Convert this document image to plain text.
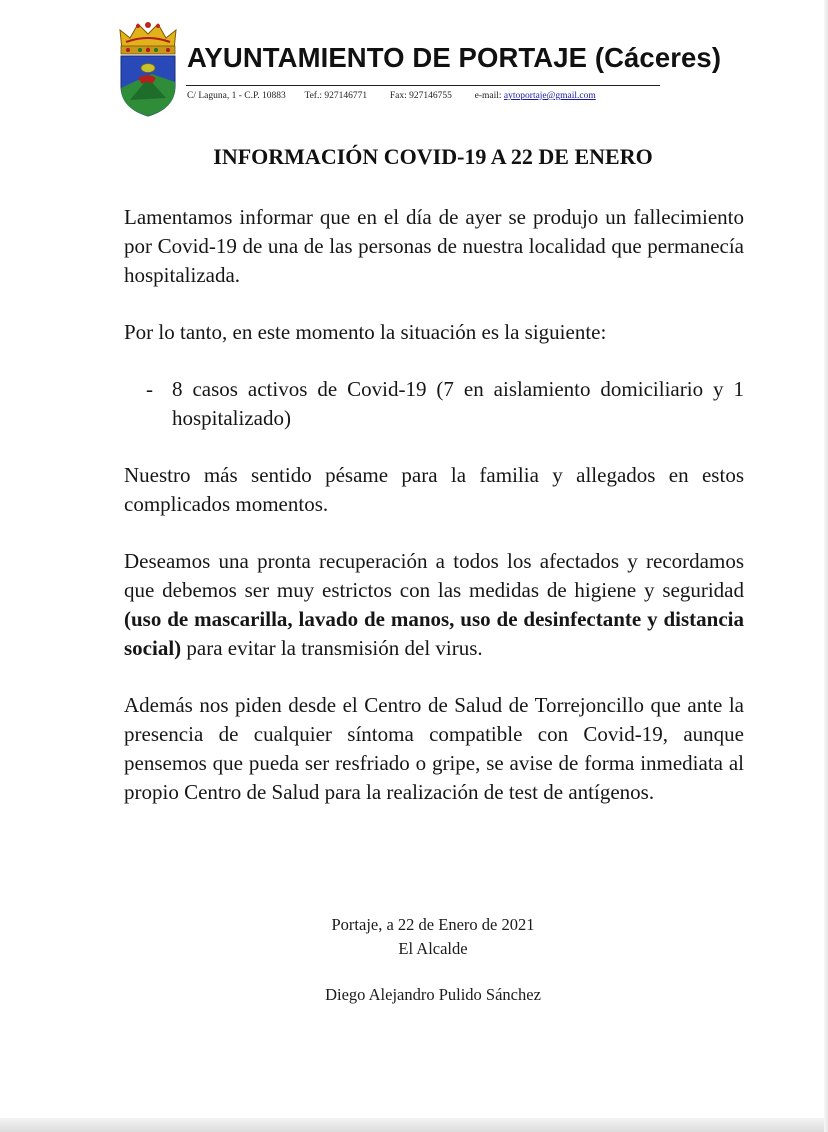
AYUNTAMIENTO DE PORTAJE (Cáceres)
C/ Laguna, 1 - C.P. 10883 Tef.: 927146771 Fax: 927146755 e-mail: aytoportaje@gmail.com
INFORMACIÓN COVID-19 A 22 DE ENERO

Lamentamos informar que en el día de ayer se produjo un fallecimiento por Covid-19 de una de las personas de nuestra localidad que permanecía hospitalizada.

Por lo tanto, en este momento la situación es la siguiente:

- 8 casos activos de Covid-19 (7 en aislamiento domiciliario y 1 hospitalizado)

Nuestro más sentido pésame para la familia y allegados en estos complicados momentos.

Deseamos una pronta recuperación a todos los afectados y recordamos que debemos ser muy estrictos con las medidas de higiene y seguridad (uso de mascarilla, lavado de manos, uso de desinfectante y distancia social) para evitar la transmisión del virus.

Además nos piden desde el Centro de Salud de Torrejoncillo que ante la presencia de cualquier síntoma compatible con Covid-19, aunque pensemos que pueda ser resfriado o gripe, se avise de forma inmediata al propio Centro de Salud para la realización de test de antígenos.

Portaje, a 22 de Enero de 2021
El Alcalde
Diego Alejandro Pulido Sánchez
